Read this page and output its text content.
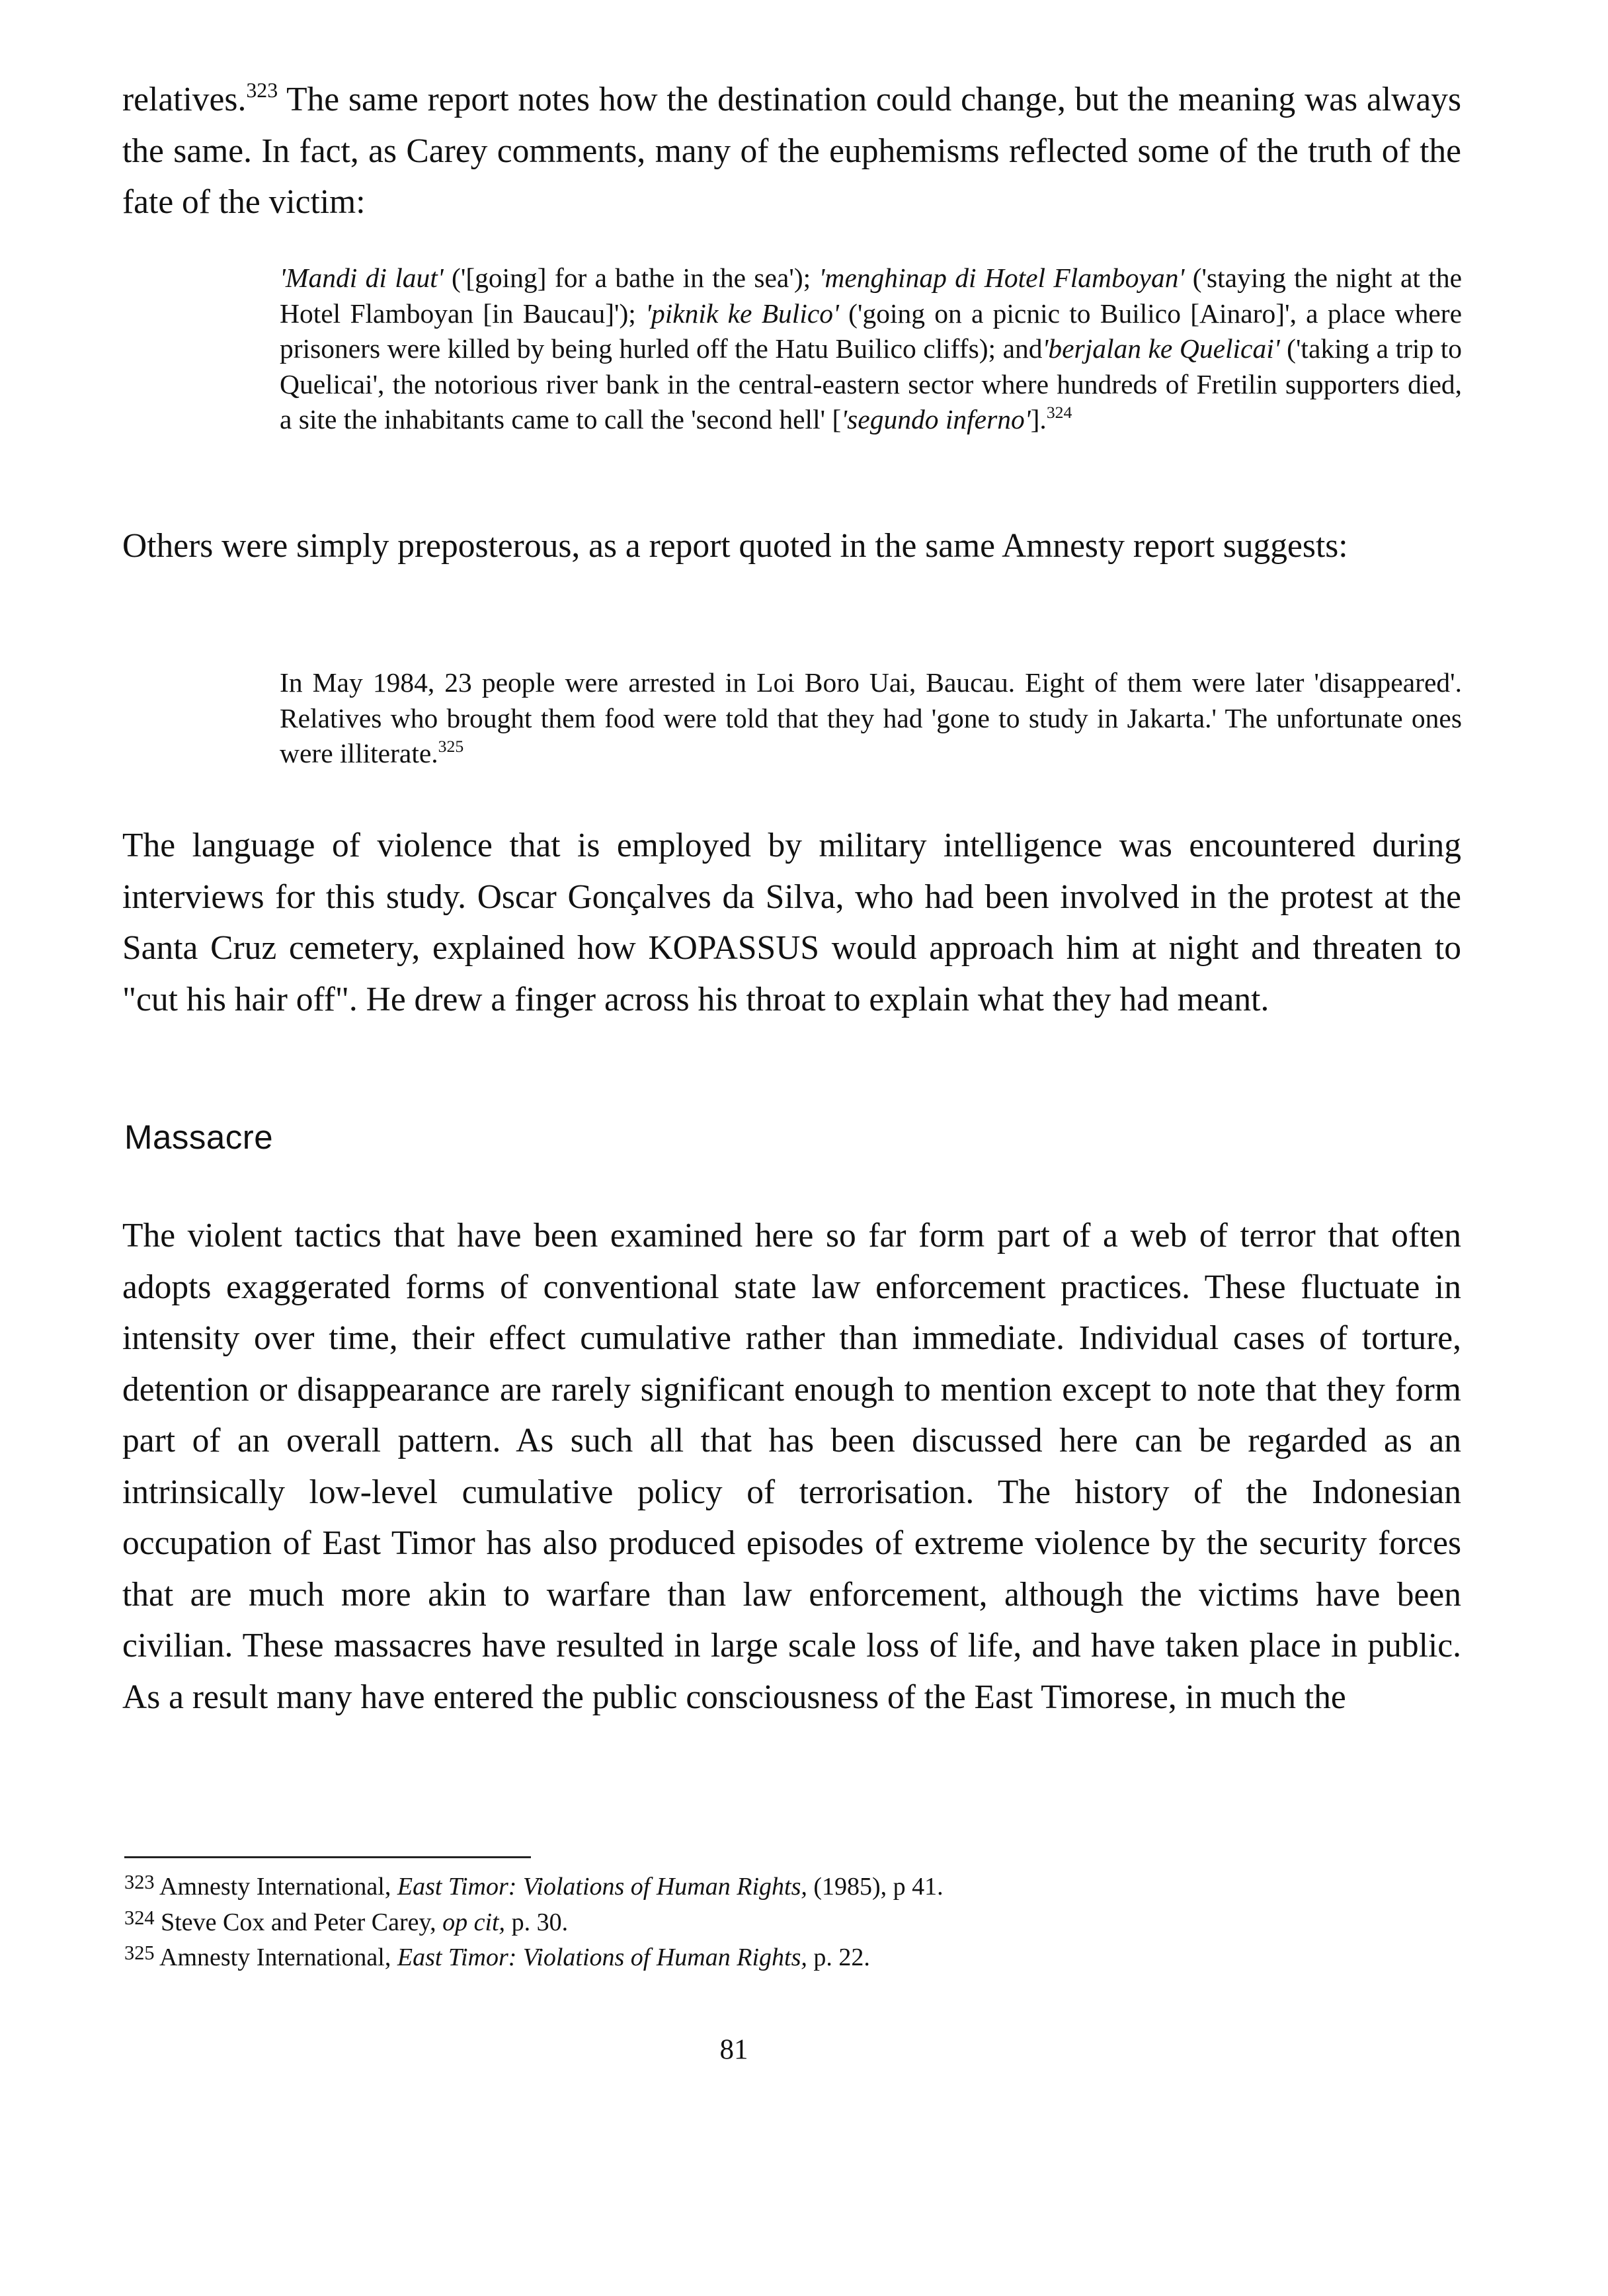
relatives.$^{323}$ The same report notes how the destination could change, but the meaning was always the same. In fact, as Carey comments, many of the euphemisms reflected some of the truth of the fate of the victim:

'Mandi di laut' ('[going] for a bathe in the sea'); 'menghinap di Hotel Flamboyan' ('staying the night at the Hotel Flamboyan [in Baucau]'); 'piknik ke Bulico' ('going on a picnic to Builico [Ainaro]', a place where prisoners were killed by being hurled off the Hatu Builico cliffs); and'berjalan ke Quelicai' ('taking a trip to Quelicai', the notorious river bank in the central-eastern sector where hundreds of Fretilin supporters died, a site the inhabitants came to call the 'second hell' ['segundo inferno'].$^{324}$

Others were simply preposterous, as a report quoted in the same Amnesty report suggests:

In May 1984, 23 people were arrested in Loi Boro Uai, Baucau. Eight of them were later 'disappeared'. Relatives who brought them food were told that they had 'gone to study in Jakarta.' The unfortunate ones were illiterate.$^{325}$

The language of violence that is employed by military intelligence was encountered during interviews for this study. Oscar Gonçalves da Silva, who had been involved in the protest at the Santa Cruz cemetery, explained how KOPASSUS would approach him at night and threaten to "cut his hair off". He drew a finger across his throat to explain what they had meant.

Massacre

The violent tactics that have been examined here so far form part of a web of terror that often adopts exaggerated forms of conventional state law enforcement practices. These fluctuate in intensity over time, their effect cumulative rather than immediate. Individual cases of torture, detention or disappearance are rarely significant enough to mention except to note that they form part of an overall pattern. As such all that has been discussed here can be regarded as an intrinsically low-level cumulative policy of terrorisation. The history of the Indonesian occupation of East Timor has also produced episodes of extreme violence by the security forces that are much more akin to warfare than law enforcement, although the victims have been civilian. These massacres have resulted in large scale loss of life, and have taken place in public. As a result many have entered the public consciousness of the East Timorese, in much the

$^{323}$ Amnesty International, East Timor: Violations of Human Rights, (1985), p 41.

$^{324}$ Steve Cox and Peter Carey, op cit, p. 30.

$^{325}$ Amnesty International, East Timor: Violations of Human Rights, p. 22.

81
